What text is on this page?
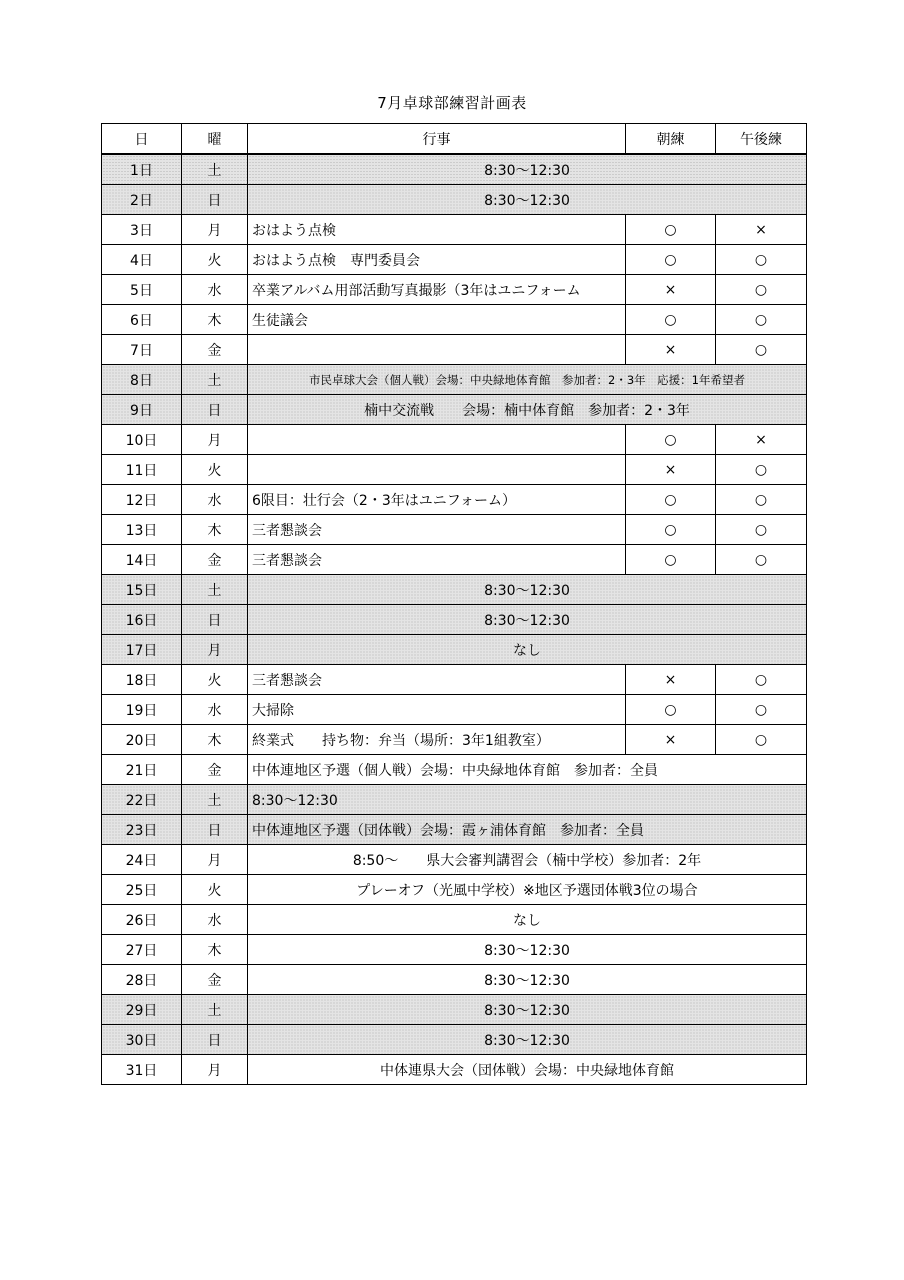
7月卓球部練習計画表
日	曜	行事	朝練	午後練
1日	土	8:30〜12:30		
2日	日	8:30〜12:30		
3日	月	おはよう点検	○	×
4日	火	おはよう点検　専門委員会	○	○
5日	水	卒業アルバム用部活動写真撮影（3年はユニフォーム	×	○
6日	木	生徒議会	○	○
7日	金		×	○
8日	土	市民卓球大会（個人戦）会場：中央緑地体育館　参加者：2・3年　応援：1年希望者		
9日	日	楠中交流戦　　会場：楠中体育館　参加者：2・3年		
10日	月		○	×
11日	火		×	○
12日	水	6限目：壮行会（2・3年はユニフォーム）	○	○
13日	木	三者懇談会	○	○
14日	金	三者懇談会	○	○
15日	土	8:30〜12:30		
16日	日	8:30〜12:30		
17日	月	なし		
18日	火	三者懇談会	×	○
19日	水	大掃除	○	○
20日	木	終業式　　持ち物：弁当（場所：3年1組教室）	×	○
21日	金	中体連地区予選（個人戦）会場：中央緑地体育館　参加者：全員		
22日	土	8:30〜12:30		
23日	日	中体連地区予選（団体戦）会場：霞ヶ浦体育館　参加者：全員		
24日	月	8:50〜　　県大会審判講習会（楠中学校）参加者：2年		
25日	火	プレーオフ（光風中学校）※地区予選団体戦3位の場合		
26日	水	なし		
27日	木	8:30〜12:30		
28日	金	8:30〜12:30		
29日	土	8:30〜12:30		
30日	日	8:30〜12:30		
31日	月	中体連県大会（団体戦）会場：中央緑地体育館		
